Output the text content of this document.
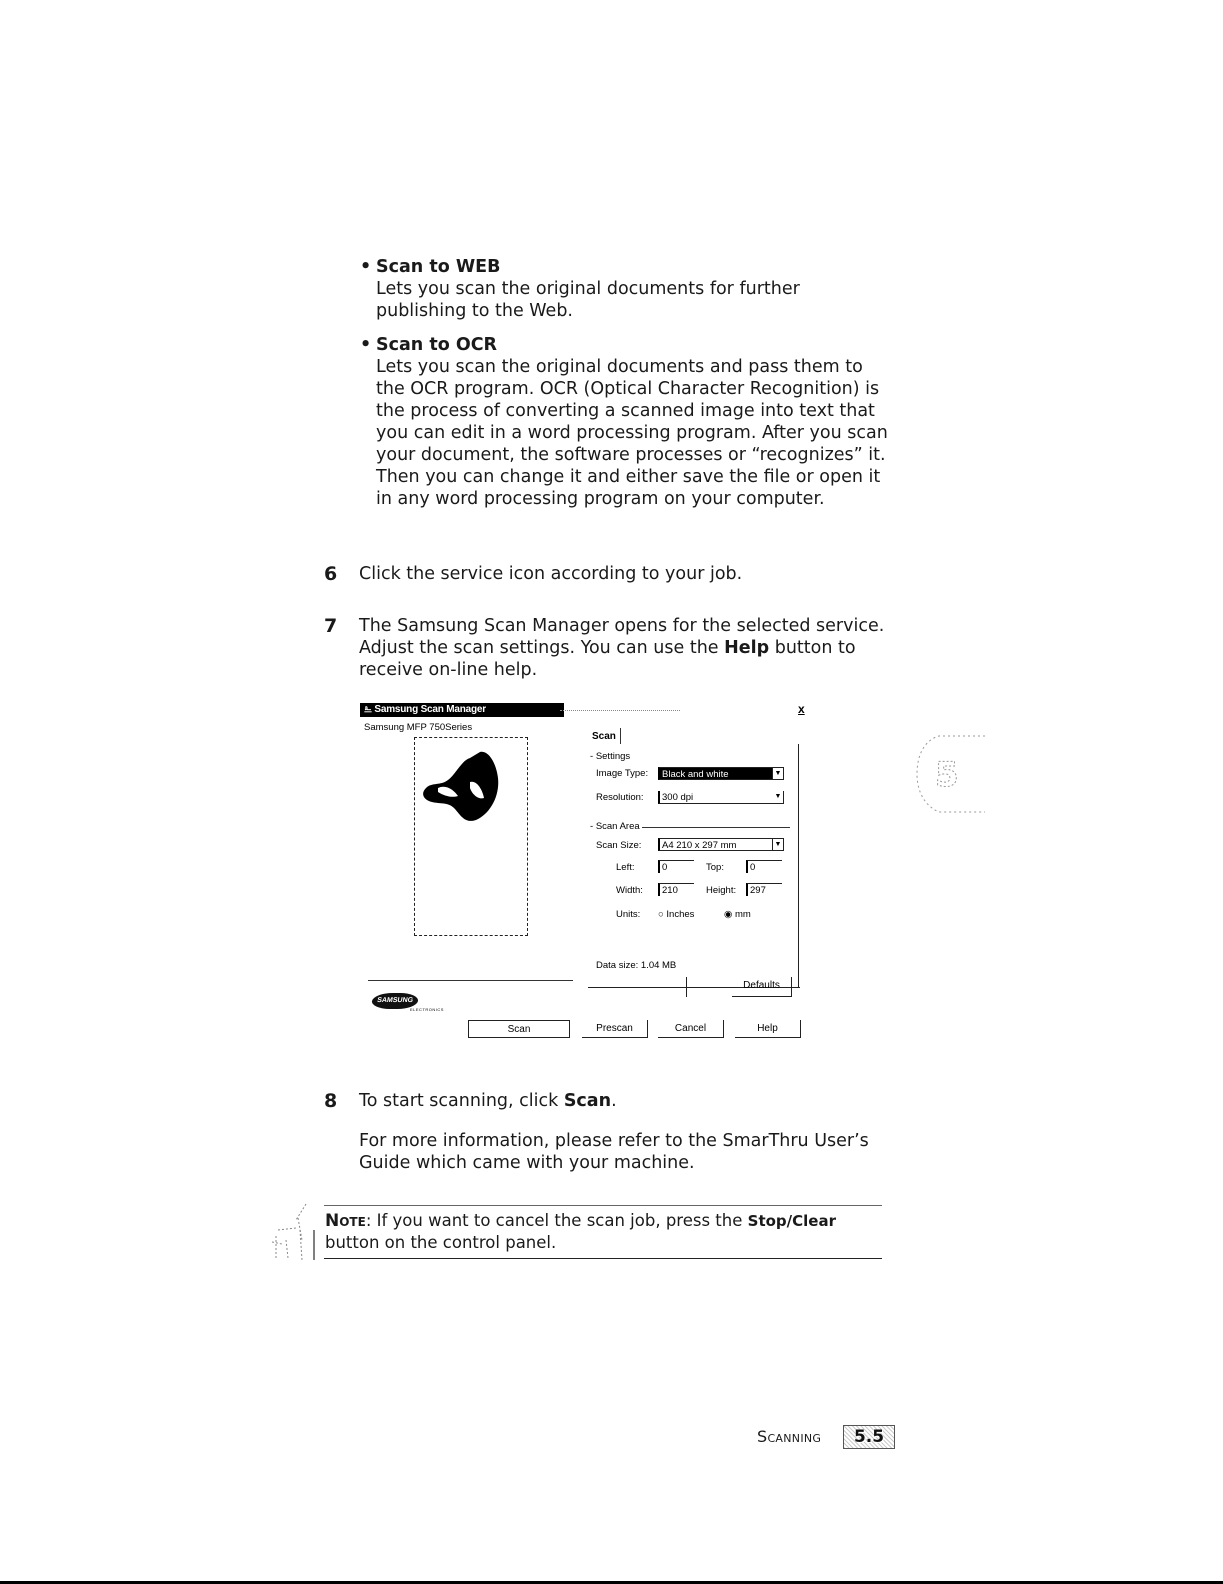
• Scan to WEB
Lets you scan the original documents for further publishing to the Web.
• Scan to OCR
Lets you scan the original documents and pass them to the OCR program. OCR (Optical Character Recognition) is the process of converting a scanned image into text that you can edit in a word processing program. After you scan your document, the software processes or “recognizes” it. Then you can change it and either save the file or open it in any word processing program on your computer.
6 Click the service icon according to your job.
7 The Samsung Scan Manager opens for the selected service. Adjust the scan settings. You can use the Help button to receive on-line help.
⎁ Samsung Scan Manager	x
Samsung MFP 750Series
SAMSUNG
ELECTRONICS
Scan
- Settings
Image Type:	Black and white	▼
Resolution:	300 dpi	▼
- Scan Area
Scan Size:	A4 210 x 297 mm	▼
Left:	0	Top:	0
Width:	210	Height:	297
Units: ○ Inches	◉ mm
Data size: 1.04 MB
Defaults
Scan	Prescan	Cancel	Help
5
8 To start scanning, click Scan.
For more information, please refer to the SmarThru User’s Guide which came with your machine.
Note: If you want to cancel the scan job, press the Stop/Clear button on the control panel.
Scanning	5.5
